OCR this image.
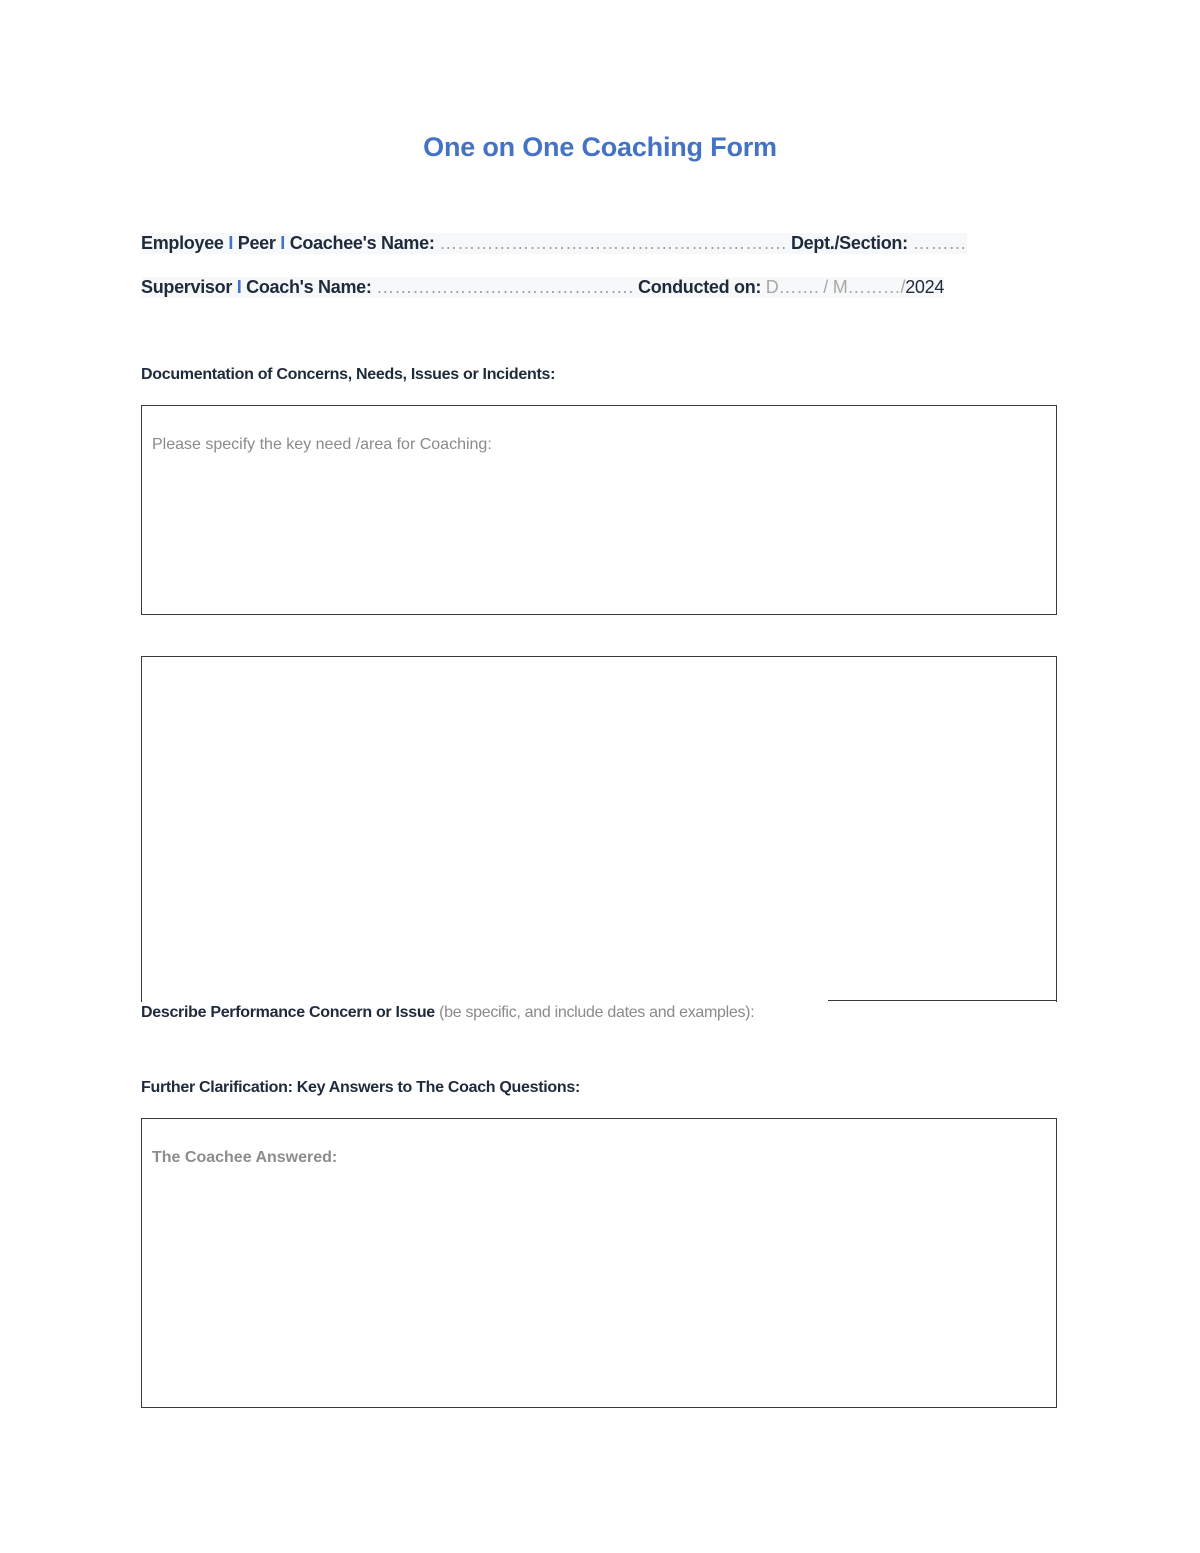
One on One Coaching Form
Employee I Peer I Coachee's Name: …………………………………………………. Dept./Section: ………
Supervisor I Coach's Name: ……………………………………. Conducted on: D……. / M………/2024
Documentation of Concerns, Needs, Issues or Incidents:
Please specify the key need /area for Coaching:
Describe Performance Concern or Issue (be specific, and include dates and examples):
Further Clarification: Key Answers to The Coach Questions:
The Coachee Answered:
